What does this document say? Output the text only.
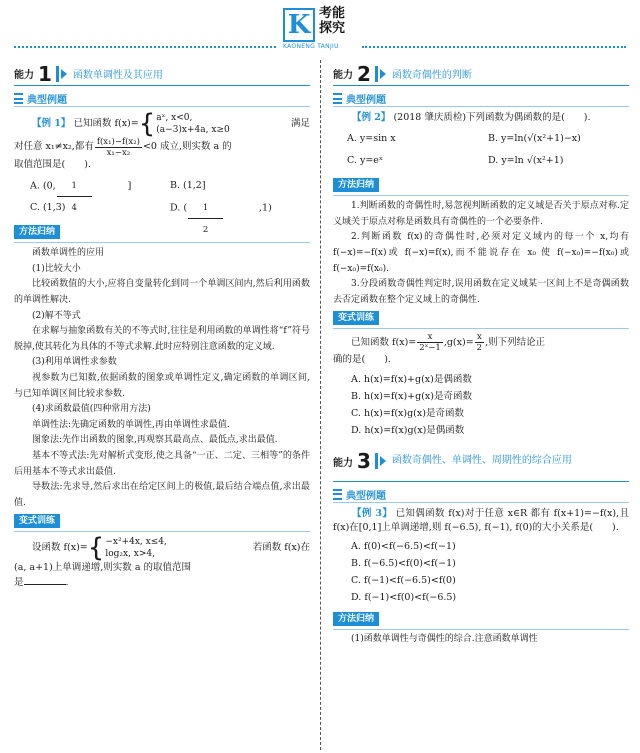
K 考能
探究
KAONENG TANJIU
能力 1 函数单调性及其应用
典型例题

【例 1】
已知函数 f(x)= { aˣ, x<0,
(a−3)x+4a, x≥0
满足

对任意 x₁≠x₂,都有 $\frac{\text{f(x₁)−f(x₂)}}{\text{x₁−x₂}} <0$ 成立,则实数 a 的

取值范围是(　　).

A. (0, $\frac{1}{4}$ ]	B. (1,2]
C. (1,3)	D. ( $\frac{1}{2} ,1$)
方法归纳

函数单调性的应用

(1)比较大小

比较函数值的大小,应将自变量转化到同一个单调区间内,然后利用函数的单调性解决.

(2)解不等式

在求解与抽象函数有关的不等式时,往往是利用函数的单调性将“f”符号脱掉,使其转化为具体的不等式求解.此时应特别注意函数的定义域.

(3)利用单调性求参数

视参数为已知数,依据函数的图象或单调性定义,确定函数的单调区间,与已知单调区间比较求参数.

(4)求函数最值(四种常用方法)

单调性法:先确定函数的单调性,再由单调性求最值.

图象法:先作出函数的图象,再观察其最高点、最低点,求出最值.

基本不等式法:先对解析式变形,使之具备“一正、二定、三相等”的条件后用基本不等式求出最值.

导数法:先求导,然后求出在给定区间上的极值,最后结合端点值,求出最值.

变式训练

设函数 f(x)= { −x²+4x, x≤4,
log₂x, x>4,
若函数 f(x)在

(a, a+1)上单调递增,则实数 a 的取值范围

是	.

能力 2 函数奇偶性的判断
典型例题

【例 2】 (2018 肇庆质检)下列函数为偶函数的是(　　).

A. y=sin x	B. y=ln(√(x²+1)−x)
C. y=eˣ	D. y=ln √(x²+1)
方法归纳

1.判断函数的奇偶性时,易忽视判断函数的定义域是否关于原点对称.定义域关于原点对称是函数具有奇偶性的一个必要条件.

2.判断函数 f(x)的奇偶性时,必须对定义域内的每一个 x,均有 f(−x)=−f(x)或 f(−x)=f(x),而不能说存在 x₀ 使 f(−x₀)=−f(x₀)或 f(−x₀)=f(x₀).

3.分段函数奇偶性判定时,误用函数在定义域某一区间上不是奇偶函数去否定函数在整个定义域上的奇偶性.

变式训练

已知函数 $f(x)= \frac{x}{\text{2ˣ−1}} ,g(x)= \frac{x}{2}$ ,则下列结论正

确的是(　　).

A. h(x)=f(x)+g(x)是偶函数
B. h(x)=f(x)+g(x)是奇函数
C. h(x)=f(x)g(x)是奇函数
D. h(x)=f(x)g(x)是偶函数
能力 3 函数奇偶性、单调性、周期性的综合应用
典型例题

【例 3】 已知偶函数 f(x)对于任意 x∈R 都有 f(x+1)=−f(x),且 f(x)在[0,1]上单调递增,则 f(−6.5), f(−1), f(0)的大小关系是(　　).

A. f(0)<f(−6.5)<f(−1)
B. f(−6.5)<f(0)<f(−1)
C. f(−1)<f(−6.5)<f(0)
D. f(−1)<f(0)<f(−6.5)
方法归纳

(1)函数单调性与奇偶性的综合.注意函数单调性
